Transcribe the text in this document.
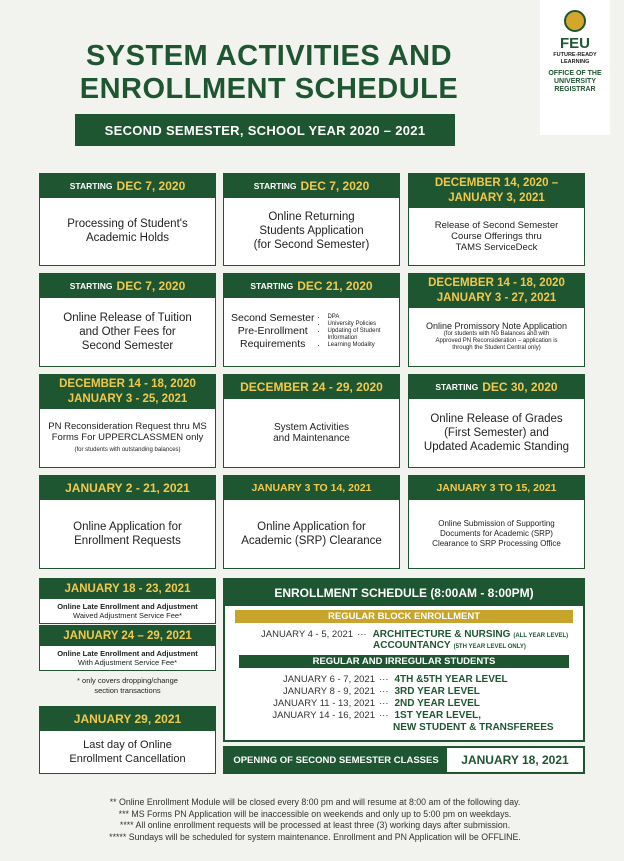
SYSTEM ACTIVITIES AND
ENROLLMENT SCHEDULE
SECOND SEMESTER, SCHOOL YEAR 2020 – 2021
FEU
FUTURE-READY
LEARNING
OFFICE OF THE
UNIVERSITY
REGISTRAR
STARTING DEC 7, 2020
Processing of Student's
Academic Holds
STARTING DEC 7, 2020
Online Returning
Students Application
(for Second Semester)
DECEMBER 14, 2020 –
JANUARY 3, 2021
Release of Second Semester
Course Offerings thru
TAMS ServiceDeck
STARTING DEC 7, 2020
Online Release of Tuition
and Other Fees for
Second Semester
STARTING DEC 21, 2020
Second Semester
Pre-Enrollment
Requirements
• DPA
• University Policies
• Updating of Student Information
• Learning Modality
DECEMBER 14 - 18, 2020
JANUARY 3 - 27, 2021
Online Promissory Note Application
(for students with No Balances and with
Approved PN Reconsideration – application is
through the Student Central only)
DECEMBER 14 - 18, 2020
JANUARY 3 - 25, 2021
PN Reconsideration Request thru MS
Forms For UPPERCLASSMEN only
(for students with outstanding balances)
DECEMBER 24 - 29, 2020
System Activities
and Maintenance
STARTING DEC 30, 2020
Online Release of Grades
(First Semester) and
Updated Academic Standing
JANUARY 2 - 21, 2021
Online Application for
Enrollment Requests
JANUARY 3 TO 14, 2021
Online Application for
Academic (SRP) Clearance
JANUARY 3 TO 15, 2021
Online Submission of Supporting
Documents for Academic (SRP)
Clearance to SRP Processing Office
JANUARY 18 - 23, 2021
Online Late Enrollment and Adjustment
Waived Adjustment Service Fee*
JANUARY 24 – 29, 2021
Online Late Enrollment and Adjustment
With Adjustment Service Fee*
* only covers dropping/change
section transactions
JANUARY 29, 2021
Last day of Online
Enrollment Cancellation
ENROLLMENT SCHEDULE (8:00AM - 8:00PM)
REGULAR BLOCK ENROLLMENT
JANUARY 4 - 5, 2021 ··· ARCHITECTURE & NURSING (ALL YEAR LEVEL)
ACCOUNTANCY (5TH YEAR LEVEL ONLY)
REGULAR AND IRREGULAR STUDENTS
JANUARY 6 - 7, 2021 ··· 4TH &5TH YEAR LEVEL
JANUARY 8 - 9, 2021 ··· 3RD YEAR LEVEL
JANUARY 11 - 13, 2021 ··· 2ND YEAR LEVEL
JANUARY 14 - 16, 2021 ··· 1ST YEAR LEVEL,
NEW STUDENT & TRANSFEREES
OPENING OF SECOND SEMESTER CLASSES	JANUARY 18, 2021
** Online Enrollment Module will be closed every 8:00 pm and will resume at 8:00 am of the following day.
*** MS Forms PN Application will be inaccessible on weekends and only up to 5:00 pm on weekdays.
**** All online enrollment requests will be processed at least three (3) working days after submission.
***** Sundays will be scheduled for system maintenance. Enrollment and PN Application will be OFFLINE.
